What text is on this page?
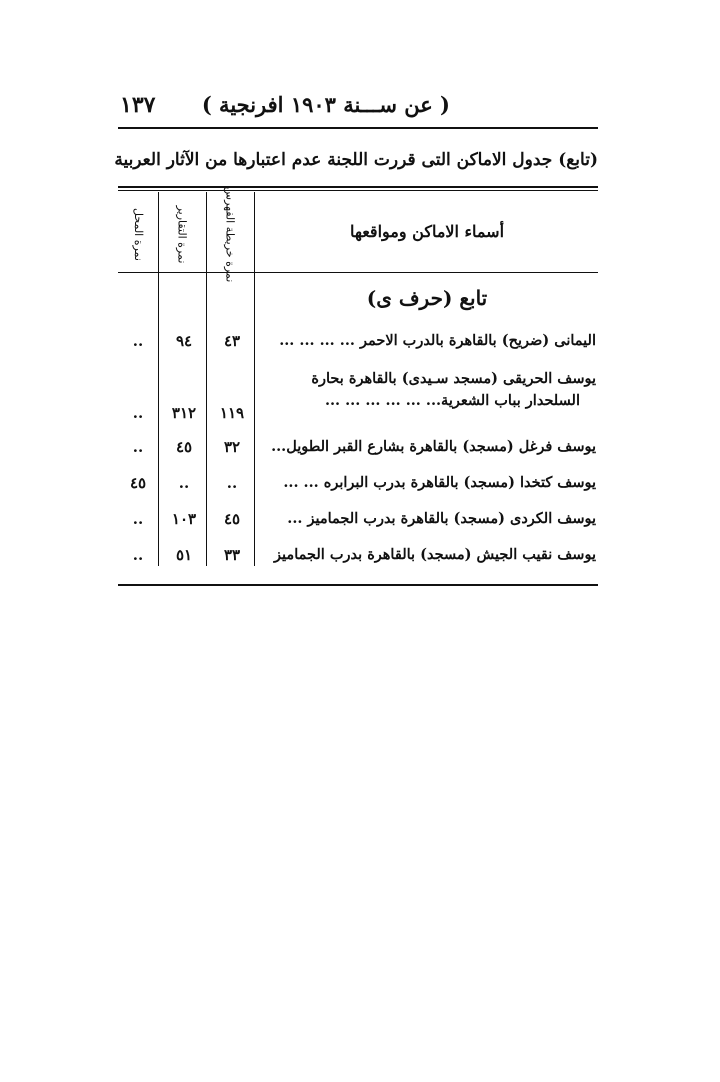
( عن ســـنة ١٩٠٣ افرنجية )
١٣٧
(تابع) جدول الاماكن التى قررت اللجنة عدم اعتبارها من الآثار العربية
أسماء الاماكن ومواقعها
نمرة خريطة الفهرس
نمرة التقارير
نمرة المحل
تابع (حرف ى)
اليمانى (ضريح) بالقاهرة بالدرب الاحمر ... ... ... ...
٤٣
٩٤
..
يوسف الحريقى (مسجد سـيدى) بالقاهرة بحارة
السلحدار بباب الشعرية... ... ... ... ... ...
١١٩
٣١٢
..
يوسف فرغل (مسجد) بالقاهرة بشارع القبر الطويل...
٣٢
٤٥
..
يوسف كتخدا (مسجد) بالقاهرة بدرب البرابره ... ...
..
..
٤٥
يوسف الكردى (مسجد) بالقاهرة بدرب الجماميز ...
٤٥
١٠٣
..
يوسف نقيب الجيش (مسجد) بالقاهرة بدرب الجماميز
٣٣
٥١
..
